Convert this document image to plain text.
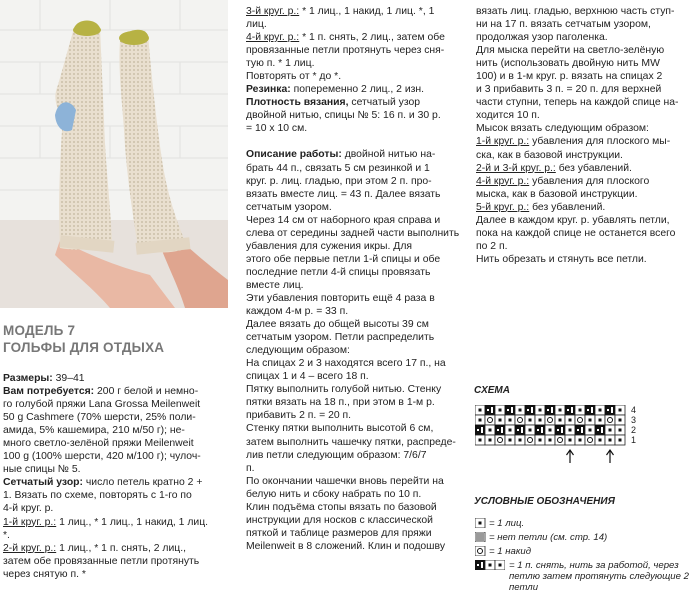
МОДЕЛЬ 7
ГОЛЬФЫ ДЛЯ ОТДЫХА

Размеры: 39–41

Вам потребуется: 200 г белой и немно-

го голубой пряжи Lana Grossa Meilenweit

50 g Cashmere (70% шерсти, 25% поли-

амида, 5% кашемира, 210 м/50 г); не-

много светло-зелёной пряжи Meilenweit

100 g (100% шерсти, 420 м/100 г); чулоч-

ные спицы № 5.

Сетчатый узор: число петель кратно 2 +

1. Вязать по схеме, повторять с 1-го по

4-й круг. р.

1-й круг. р.: 1 лиц., * 1 лиц., 1 накид, 1 лиц.

*.

2-й круг. р.: 1 лиц., * 1 п. снять, 2 лиц.,

затем обе провязанные петли протянуть

через снятую п. *

3-й круг. р.: * 1 лиц., 1 накид, 1 лиц. *, 1

лиц.

4-й круг. р.: * 1 п. снять, 2 лиц., затем обе

провязанные петли протянуть через сня-

тую п. * 1 лиц.

Повторять от * до *.

Резинка: попеременно 2 лиц., 2 изн.

Плотность вязания, сетчатый узор

двойной нитью, спицы № 5: 16 п. и 30 р.

= 10 x 10 см.

Описание работы: двойной нитью на-

брать 44 п., связать 5 см резинкой и 1

круг. р. лиц. гладью, при этом 2 п. про-

вязать вместе лиц. = 43 п. Далее вязать

сетчатым узором.

Через 14 см от наборного края справа и

слева от середины задней части выполнить

убавления для сужения икры. Для

этого обе первые петли 1-й спицы и обе

последние петли 4-й спицы провязать

вместе лиц.

Эти убавления повторить ещё 4 раза в

каждом 4-м р. = 33 п.

Далее вязать до общей высоты 39 см

сетчатым узором. Петли распределить

следующим образом:

На спицах 2 и 3 находятся всего 17 п., на

спицах 1 и 4 – всего 18 п.

Пятку выполнить голубой нитью. Стенку

пятки вязать на 18 п., при этом в 1-м р.

прибавить 2 п. = 20 п.

Стенку пятки выполнить высотой 6 см,

затем выполнить чашечку пятки, распреде-

лив петли следующим образом: 7/6/7

п.

По окончании чашечки вновь перейти на

белую нить и сбоку набрать по 10 п.

Клин подъёма стопы вязать по базовой

инструкции для носков с классической

пяткой и таблице размеров для пряжи

Meilenweit в 8 сложений. Клин и подошву

вязать лиц. гладью, верхнюю часть ступ-

ни на 17 п. вязать сетчатым узором,

продолжая узор паголенка.

Для мыска перейти на светло-зелёную

нить (использовать двойную нить MW

100) и в 1-м круг. р. вязать на спицах 2

и 3 прибавить 3 п. = 20 п. для верхней

части ступни, теперь на каждой спице на-

ходится 10 п.

Мысок вязать следующим образом:

1-й круг. р.: убавления для плоского мы-

ска, как в базовой инструкции.

2-й и 3-й круг. р.: без убавлений.

4-й круг. р.: убавления для плоского

мыска, как в базовой инструкции.

5-й круг. р.: без убавлений.

Далее в каждом круг. р. убавлять петли,

пока на каждой спице не останется всего

по 2 п.

Нить обрезать и стянуть все петли.

СХЕМА
4
3
2
1
УСЛОВНЫЕ ОБОЗНАЧЕНИЯ
= 1 лиц.
= нет петли (см. стр. 14)
= 1 накид
= 1 п. снять, нить за работой, через петлю затем протянуть следующие 2 петли
